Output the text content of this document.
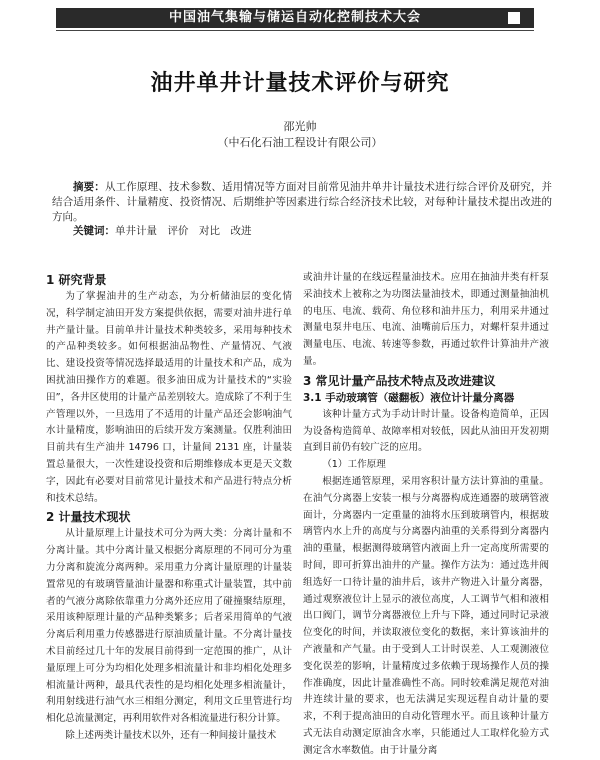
中国油气集输与储运自动化控制技术大会
油井单井计量技术评价与研究
邵光帅
（中石化石油工程设计有限公司）

摘要：从工作原理、技术参数、适用情况等方面对目前常见油井单井计量技术进行综合评价及研究，并结合适用条件、计量精度、投资情况、后期维护等因素进行综合经济技术比较，对每种计量技术提出改进的方向。

关键词：单井计量　评价　对比　改进

1 研究背景

为了掌握油井的生产动态，为分析储油层的变化情况，科学制定油田开发方案提供依据，需要对油井进行单井产量计量。目前单井计量技术种类较多，采用每种技术的产品种类较多。如何根据油品物性、产量情况、气液比、建设投资等情况选择最适用的计量技术和产品，成为困扰油田操作方的难题。很多油田成为计量技术的“实验田”，各井区使用的计量产品差别较大。造成除了不利于生产管理以外，一旦选用了不适用的计量产品还会影响油气水计量精度，影响油田的后续开发方案测量。仅胜利油田目前共有生产油井 14796 口，计量间 2131 座，计量装置总量很大，一次性建设投资和后期维修成本更是天文数字，因此有必要对目前常见计量技术和产品进行特点分析和技术总结。

2 计量技术现状

从计量原理上计量技术可分为两大类：分离计量和不分离计量。其中分离计量又根据分离原理的不同可分为重力分离和旋流分离两种。采用重力分离计量原理的计量装置常见的有玻璃管量油计量器和称重式计量装置，其中前者的气液分离除依靠重力分离外还应用了碰撞聚结原理，采用该种原理计量的产品种类繁多；后者采用简单的气液分离后利用重力传感器进行原油质量计量。不分离计量技术目前经过几十年的发展目前得到一定范围的推广，从计量原理上可分为均相化处理多相流量计和非均相化处理多相流量计两种，最具代表性的是均相化处理多相流量计，利用射线进行油气水三相组分测定，利用文丘里管进行均相化总流量测定，再利用软件对各相流量进行积分计算。

除上述两类计量技术以外，还有一种间接计量技术

或油井计量的在线远程量油技术。应用在抽油井类有杆泵采油技术上被称之为功图法量油技术，即通过测量抽油机的电压、电流、载荷、角位移和油井压力，利用采井通过测量电泵井电压、电流、油嘴前后压力，对螺杆泵井通过测量电压、电流、转速等参数，再通过软件计算油井产液量。

3 常见计量产品技术特点及改进建议
3.1 手动玻璃管（磁翻板）液位计计量分离器

该种计量方式为手动计时计量。设备构造简单，正因为设备构造简单、故障率相对较低，因此从油田开发初期直到目前仍有较广泛的应用。

（1）工作原理

根据连通管原理，采用容积计量方法计算油的重量。在油气分离器上安装一根与分离器构成连通器的玻璃管液面计，分离器内一定重量的油将水压到玻璃管内，根据玻璃管内水上升的高度与分离器内油重的关系得到分离器内油的重量，根据测得玻璃管内液面上升一定高度所需要的时间，即可折算出油井的产量。操作方法为：通过选井阀组选好一口待计量的油井后，该井产物进入计量分离器，通过观察液位计上显示的液位高度，人工调节气相和液相出口阀门，调节分离器液位上升与下降，通过同时记录液位变化的时间，并读取液位变化的数据，来计算该油井的产液量和产气量。由于受到人工计时误差、人工观测液位变化误差的影响，计量精度过多依赖于现场操作人员的操作准确度，因此计量准确性不高。同时较难满足规范对油井连续计量的要求，也无法满足实现远程自动计量的要求，不利于提高油田的自动化管理水平。而且该种计量方式无法自动测定原油含水率，只能通过人工取样化验方式测定含水率数值。由于计量分离
